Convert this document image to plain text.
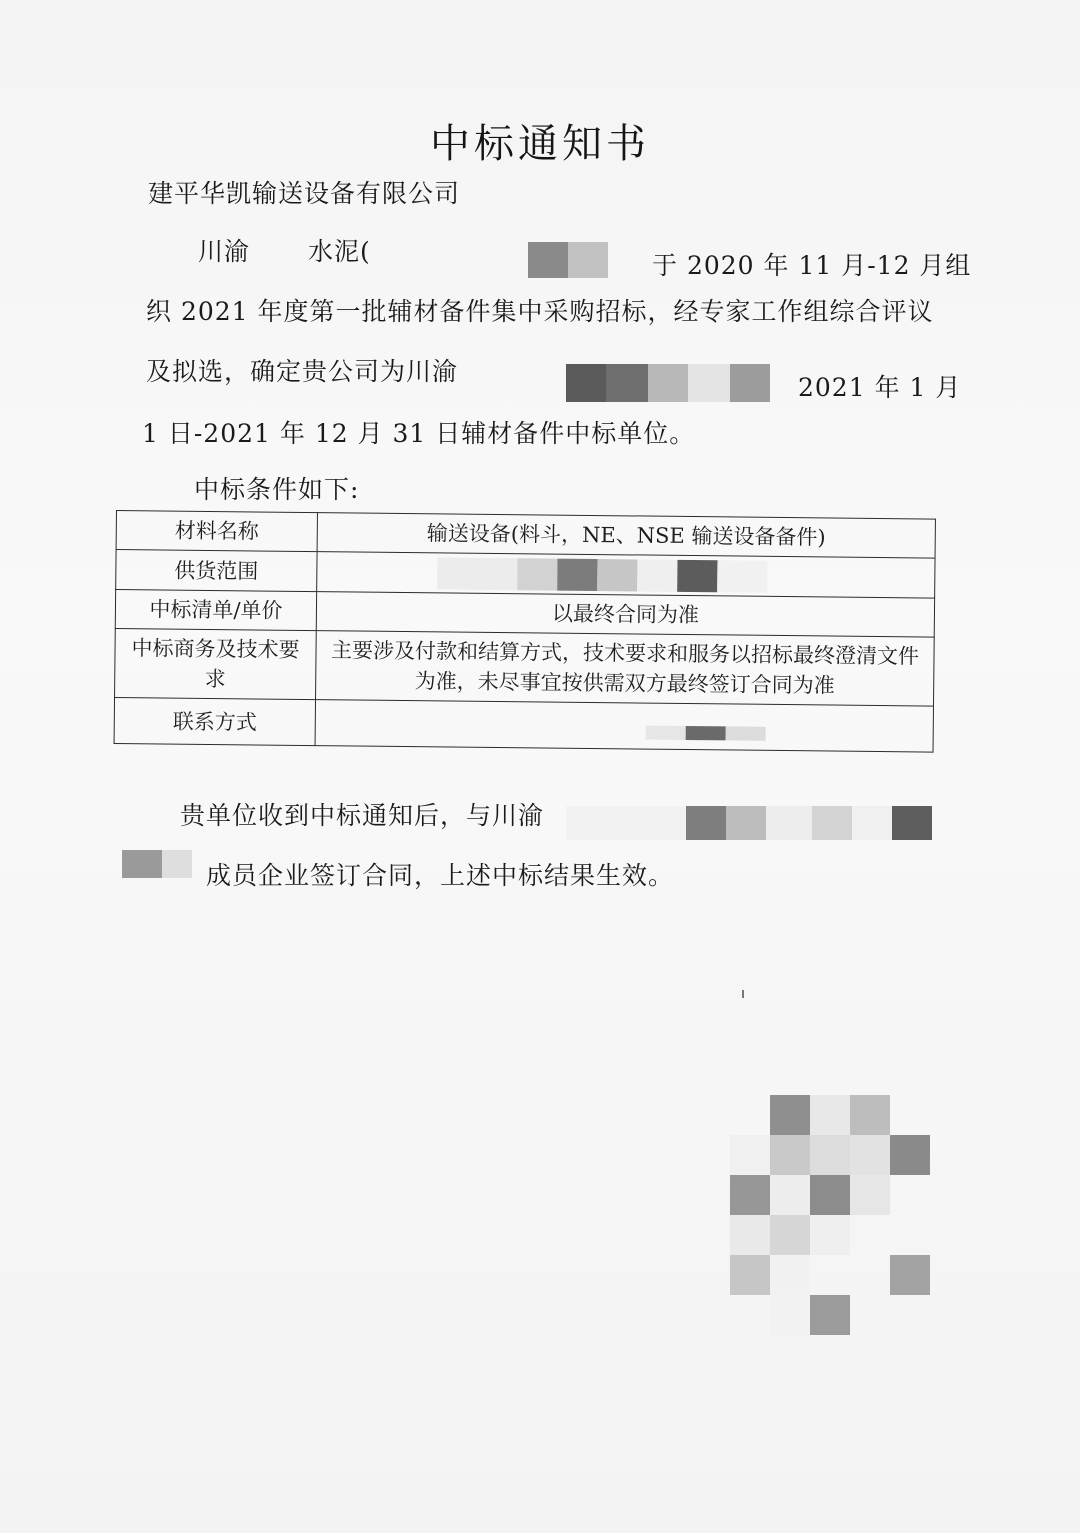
中标通知书
建平华凯输送设备有限公司
川渝 水泥(	于 2020 年 11 月-12 月组
织 2021 年度第一批辅材备件集中采购招标，经专家工作组综合评议
及拟选，确定贵公司为川渝
2021 年 1 月
1 日-2021 年 12 月 31 日辅材备件中标单位。
中标条件如下:
材料名称	输送设备(料斗，NE、NSE 输送设备备件)
供货范围	

中标清单/单价	以最终合同为准
中标商务及技术要求	主要涉及付款和结算方式，技术要求和服务以招标最终澄清文件为准，未尽事宜按供需双方最终签订合同为准
联系方式	
贵单位收到中标通知后，与川渝
成员企业签订合同，上述中标结果生效。
